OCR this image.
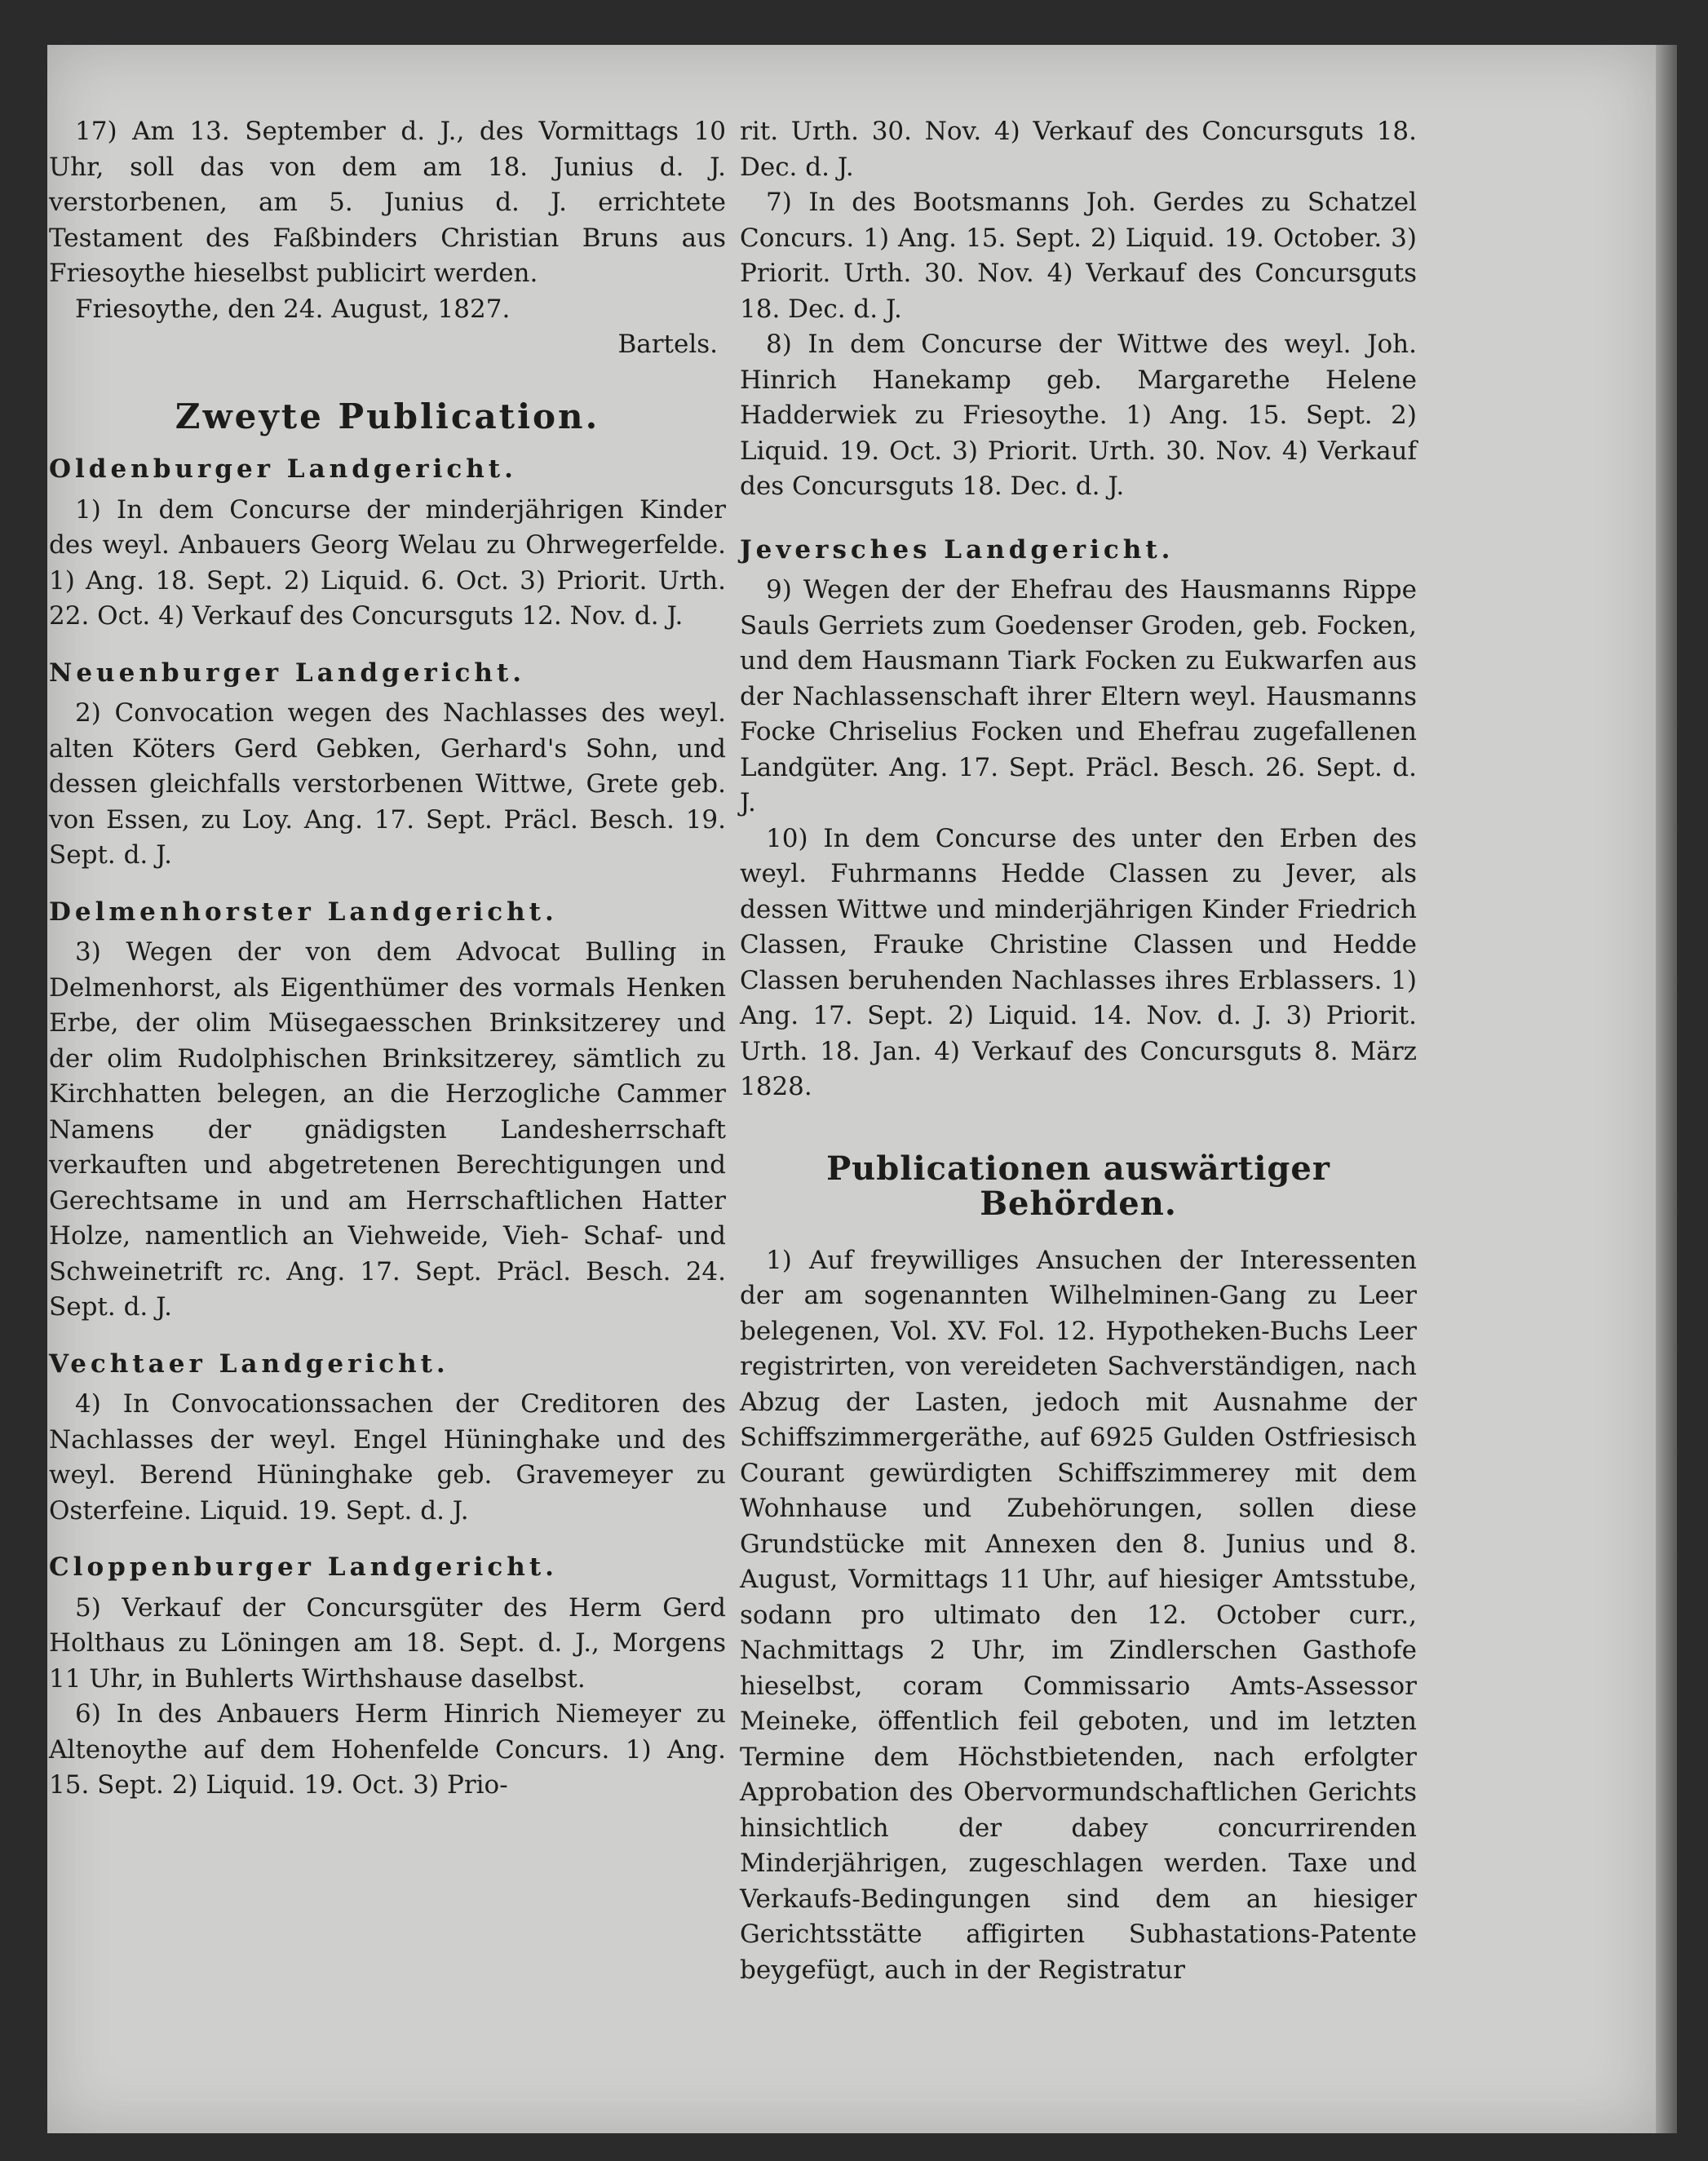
17) Am 13. September d. J., des Vormittags 10 Uhr, soll das von dem am 18. Junius d. J. verstorbenen, am 5. Junius d. J. errichtete Testament des Faßbinders Christian Bruns aus Friesoythe hieselbst publicirt werden.

Friesoythe, den 24. August, 1827.

Bartels.

Zweyte Publication.
Oldenburger Landgericht.

1) In dem Concurse der minderjährigen Kinder des weyl. Anbauers Georg Welau zu Ohrwegerfelde. 1) Ang. 18. Sept. 2) Liquid. 6. Oct. 3) Priorit. Urth. 22. Oct. 4) Verkauf des Concursguts 12. Nov. d. J.

Neuenburger Landgericht.

2) Convocation wegen des Nachlasses des weyl. alten Köters Gerd Gebken, Gerhard's Sohn, und dessen gleichfalls verstorbenen Wittwe, Grete geb. von Essen, zu Loy. Ang. 17. Sept. Präcl. Besch. 19. Sept. d. J.

Delmenhorster Landgericht.

3) Wegen der von dem Advocat Bulling in Delmenhorst, als Eigenthümer des vormals Henken Erbe, der olim Müsegaesschen Brinksitzerey und der olim Rudolphischen Brinksitzerey, sämtlich zu Kirchhatten belegen, an die Herzogliche Cammer Namens der gnädigsten Landesherrschaft verkauften und abgetretenen Berechtigungen und Gerechtsame in und am Herrschaftlichen Hatter Holze, namentlich an Viehweide, Vieh- Schaf- und Schweinetrift rc. Ang. 17. Sept. Präcl. Besch. 24. Sept. d. J.

Vechtaer Landgericht.

4) In Convocationssachen der Creditoren des Nachlasses der weyl. Engel Hüninghake und des weyl. Berend Hüninghake geb. Gravemeyer zu Osterfeine. Liquid. 19. Sept. d. J.

Cloppenburger Landgericht.

5) Verkauf der Concursgüter des Herm Gerd Holthaus zu Löningen am 18. Sept. d. J., Morgens 11 Uhr, in Buhlerts Wirthshause daselbst.

6) In des Anbauers Herm Hinrich Niemeyer zu Altenoythe auf dem Hohenfelde Concurs. 1) Ang. 15. Sept. 2) Liquid. 19. Oct. 3) Prio-

rit. Urth. 30. Nov. 4) Verkauf des Concursguts 18. Dec. d. J.

7) In des Bootsmanns Joh. Gerdes zu Schatzel Concurs. 1) Ang. 15. Sept. 2) Liquid. 19. October. 3) Priorit. Urth. 30. Nov. 4) Verkauf des Concursguts 18. Dec. d. J.

8) In dem Concurse der Wittwe des weyl. Joh. Hinrich Hanekamp geb. Margarethe Helene Hadderwiek zu Friesoythe. 1) Ang. 15. Sept. 2) Liquid. 19. Oct. 3) Priorit. Urth. 30. Nov. 4) Verkauf des Concursguts 18. Dec. d. J.

Jeversches Landgericht.

9) Wegen der der Ehefrau des Hausmanns Rippe Sauls Gerriets zum Goedenser Groden, geb. Focken, und dem Hausmann Tiark Focken zu Eukwarfen aus der Nachlassenschaft ihrer Eltern weyl. Hausmanns Focke Chriselius Focken und Ehefrau zugefallenen Landgüter. Ang. 17. Sept. Präcl. Besch. 26. Sept. d. J.

10) In dem Concurse des unter den Erben des weyl. Fuhrmanns Hedde Classen zu Jever, als dessen Wittwe und minderjährigen Kinder Friedrich Classen, Frauke Christine Classen und Hedde Classen beruhenden Nachlasses ihres Erblassers. 1) Ang. 17. Sept. 2) Liquid. 14. Nov. d. J. 3) Priorit. Urth. 18. Jan. 4) Verkauf des Concursguts 8. März 1828.

Publicationen auswärtiger Behörden.

1) Auf freywilliges Ansuchen der Interessenten der am sogenannten Wilhelminen-Gang zu Leer belegenen, Vol. XV. Fol. 12. Hypotheken-Buchs Leer registrirten, von vereideten Sachverständigen, nach Abzug der Lasten, jedoch mit Ausnahme der Schiffszimmergeräthe, auf 6925 Gulden Ostfriesisch Courant gewürdigten Schiffszimmerey mit dem Wohnhause und Zubehörungen, sollen diese Grundstücke mit Annexen den 8. Junius und 8. August, Vormittags 11 Uhr, auf hiesiger Amtsstube, sodann pro ultimato den 12. October curr., Nachmittags 2 Uhr, im Zindlerschen Gasthofe hieselbst, coram Commissario Amts-Assessor Meineke, öffentlich feil geboten, und im letzten Termine dem Höchstbietenden, nach erfolgter Approbation des Obervormundschaftlichen Gerichts hinsichtlich der dabey concurrirenden Minderjährigen, zugeschlagen werden. Taxe und Verkaufs-Bedingungen sind dem an hiesiger Gerichtsstätte affigirten Subhastations-Patente beygefügt, auch in der Registratur
